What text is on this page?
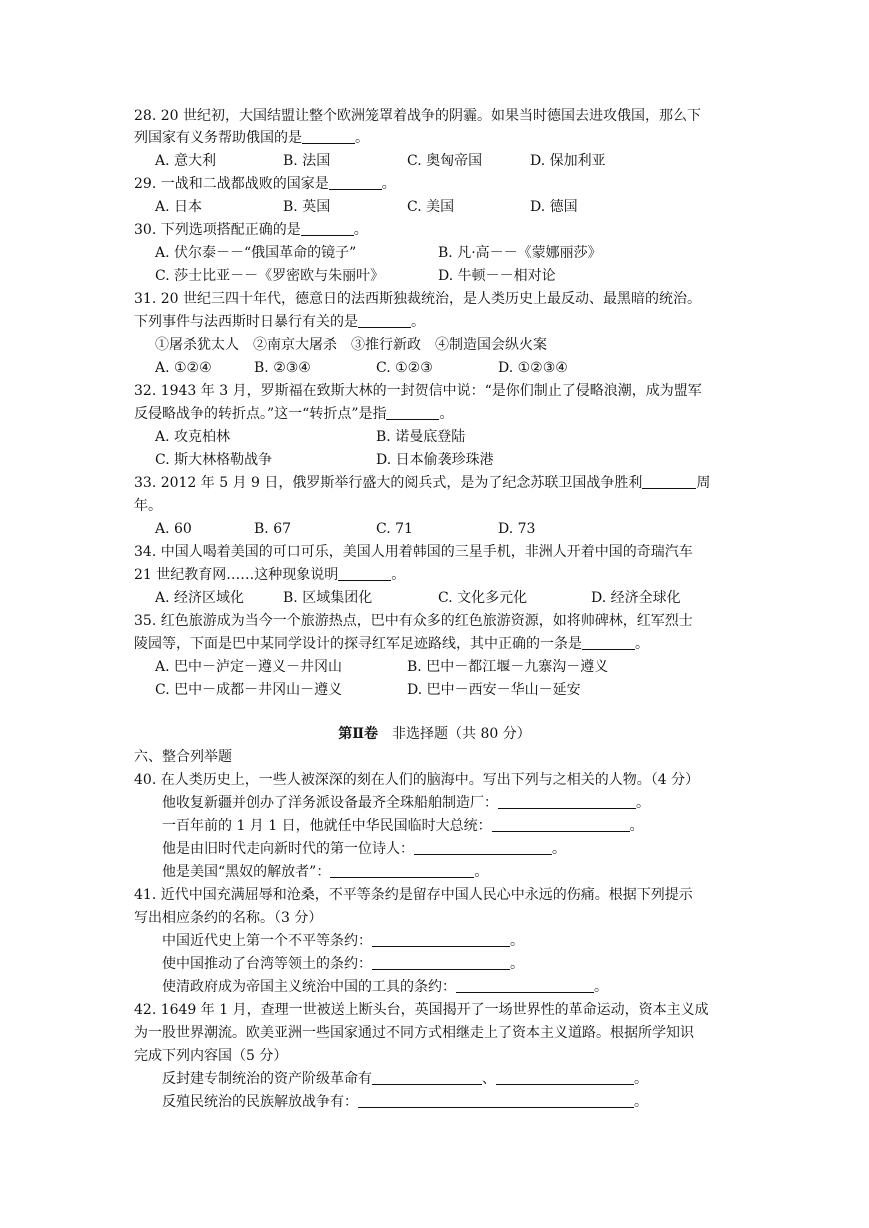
28. 20 世纪初，大国结盟让整个欧洲笼罩着战争的阴霾。如果当时德国去进攻俄国，那么下
列国家有义务帮助俄国的是	。
A. 意大利	B. 法国	C. 奥匈帝国	D. 保加利亚
29. 一战和二战都战败的国家是	。
A. 日本	B. 英国	C. 美国	D. 德国
30. 下列选项搭配正确的是	。
A. 伏尔泰－－“俄国革命的镜子”	B. 凡·高－－《蒙娜丽莎》
C. 莎士比亚－－《罗密欧与朱丽叶》	D. 牛顿－－相对论
31. 20 世纪三四十年代，德意日的法西斯独裁统治，是人类历史上最反动、最黑暗的统治。
下列事件与法西斯时日暴行有关的是	。
①屠杀犹太人　②南京大屠杀　③推行新政　④制造国会纵火案
A. ①②④	B. ②③④	C. ①②③	D. ①②③④
32. 1943 年 3 月，罗斯福在致斯大林的一封贺信中说：“是你们制止了侵略浪潮，成为盟军
反侵略战争的转折点。”这一“转折点”是指	。
A. 攻克柏林	B. 诺曼底登陆
C. 斯大林格勒战争	D. 日本偷袭珍珠港
33. 2012 年 5 月 9 日，俄罗斯举行盛大的阅兵式，是为了纪念苏联卫国战争胜利	周
年。
A. 60	B. 67	C. 71	D. 73
34. 中国人喝着美国的可口可乐，美国人用着韩国的三星手机，非洲人开着中国的奇瑞汽车
21 世纪教育网……这种现象说明	。
A. 经济区域化	B. 区域集团化	C. 文化多元化	D. 经济全球化
35. 红色旅游成为当今一个旅游热点，巴中有众多的红色旅游资源，如将帅碑林，红军烈士
陵园等，下面是巴中某同学设计的探寻红军足迹路线，其中正确的一条是	。
A. 巴中－泸定－遵义－井冈山	B. 巴中－都江堰－九寨沟－遵义
C. 巴中－成都－井冈山－遵义	D. 巴中－西安－华山－延安
第Ⅱ卷　非选择题（共 80 分）
六、整合列举题
40. 在人类历史上，一些人被深深的刻在人们的脑海中。写出下列与之相关的人物。（4 分）
他收复新疆并创办了洋务派设备最齐全珠船舶制造厂：	。
一百年前的 1 月 1 日，他就任中华民国临时大总统：	。
他是由旧时代走向新时代的第一位诗人：	。
他是美国“黑奴的解放者”：	。
41. 近代中国充满屈辱和沧桑，不平等条约是留存中国人民心中永远的伤痛。根据下列提示
写出相应条约的名称。（3 分）
中国近代史上第一个不平等条约：	。
使中国推动了台湾等领土的条约：	。
使清政府成为帝国主义统治中国的工具的条约：	。
42. 1649 年 1 月，查理一世被送上断头台，英国揭开了一场世界性的革命运动，资本主义成
为一股世界潮流。欧美亚洲一些国家通过不同方式相继走上了资本主义道路。根据所学知识
完成下列内容国（5 分）
反封建专制统治的资产阶级革命有	、	。
反殖民统治的民族解放战争有：	。
